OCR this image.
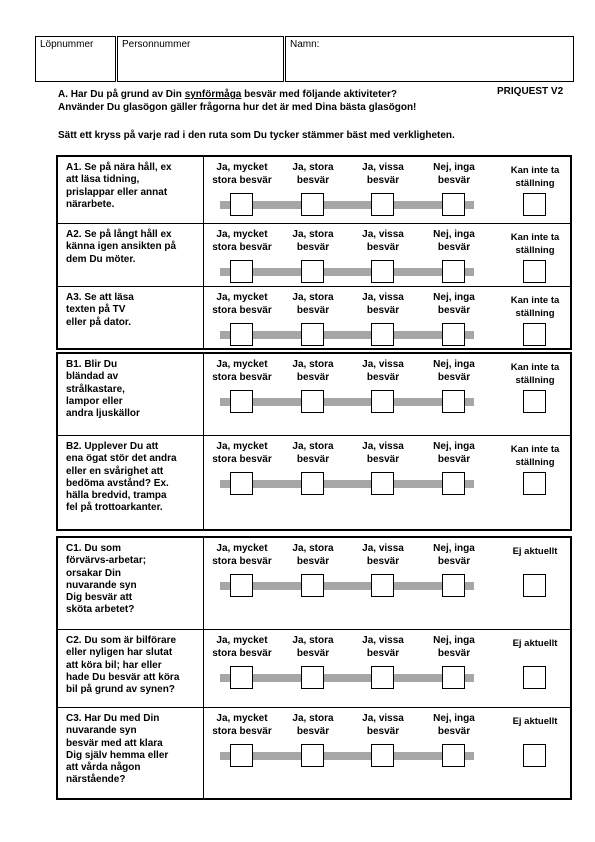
Löpnummer	Personnummer	Namn:
A. Har Du på grund av Din synförmåga besvär med följande aktiviteter?
Använder Du glasögon gäller frågorna hur det är med Dina bästa glasögon!
PRIQUEST V2
Sätt ett kryss på varje rad i den ruta som Du tycker stämmer bäst med verkligheten.
A1. Se på nära håll, ex
att läsa tidning,
prislappar eller annat
närarbete.
Ja, mycket
stora besvär
Ja, stora
besvär
Ja, vissa
besvär
Nej, inga
besvär
Kan inte ta
ställning
A2. Se på långt håll ex
känna igen ansikten på
dem Du möter.
Ja, mycket
stora besvär
Ja, stora
besvär
Ja, vissa
besvär
Nej, inga
besvär
Kan inte ta
ställning
A3. Se att läsa
texten på TV
eller på dator.
Ja, mycket
stora besvär
Ja, stora
besvär
Ja, vissa
besvär
Nej, inga
besvär
Kan inte ta
ställning
B1. Blir Du
bländad av
strålkastare,
lampor eller
andra ljuskällor
Ja, mycket
stora besvär
Ja, stora
besvär
Ja, vissa
besvär
Nej, inga
besvär
Kan inte ta
ställning
B2. Upplever Du att
ena ögat stör det andra
eller en svårighet att
bedöma avstånd? Ex.
hälla bredvid, trampa
fel på trottoarkanter.
Ja, mycket
stora besvär
Ja, stora
besvär
Ja, vissa
besvär
Nej, inga
besvär
Kan inte ta
ställning
C1. Du som
förvärvs-arbetar;
orsakar Din
nuvarande syn
Dig besvär att
sköta arbetet?
Ja, mycket
stora besvär
Ja, stora
besvär
Ja, vissa
besvär
Nej, inga
besvär
Ej aktuellt
C2. Du som är bilförare
eller nyligen har slutat
att köra bil; har eller
hade Du besvär att köra
bil på grund av synen?
Ja, mycket
stora besvär
Ja, stora
besvär
Ja, vissa
besvär
Nej, inga
besvär
Ej aktuellt
C3. Har Du med Din
nuvarande syn
besvär med att klara
Dig själv hemma eller
att vårda någon
närstående?
Ja, mycket
stora besvär
Ja, stora
besvär
Ja, vissa
besvär
Nej, inga
besvär
Ej aktuellt
